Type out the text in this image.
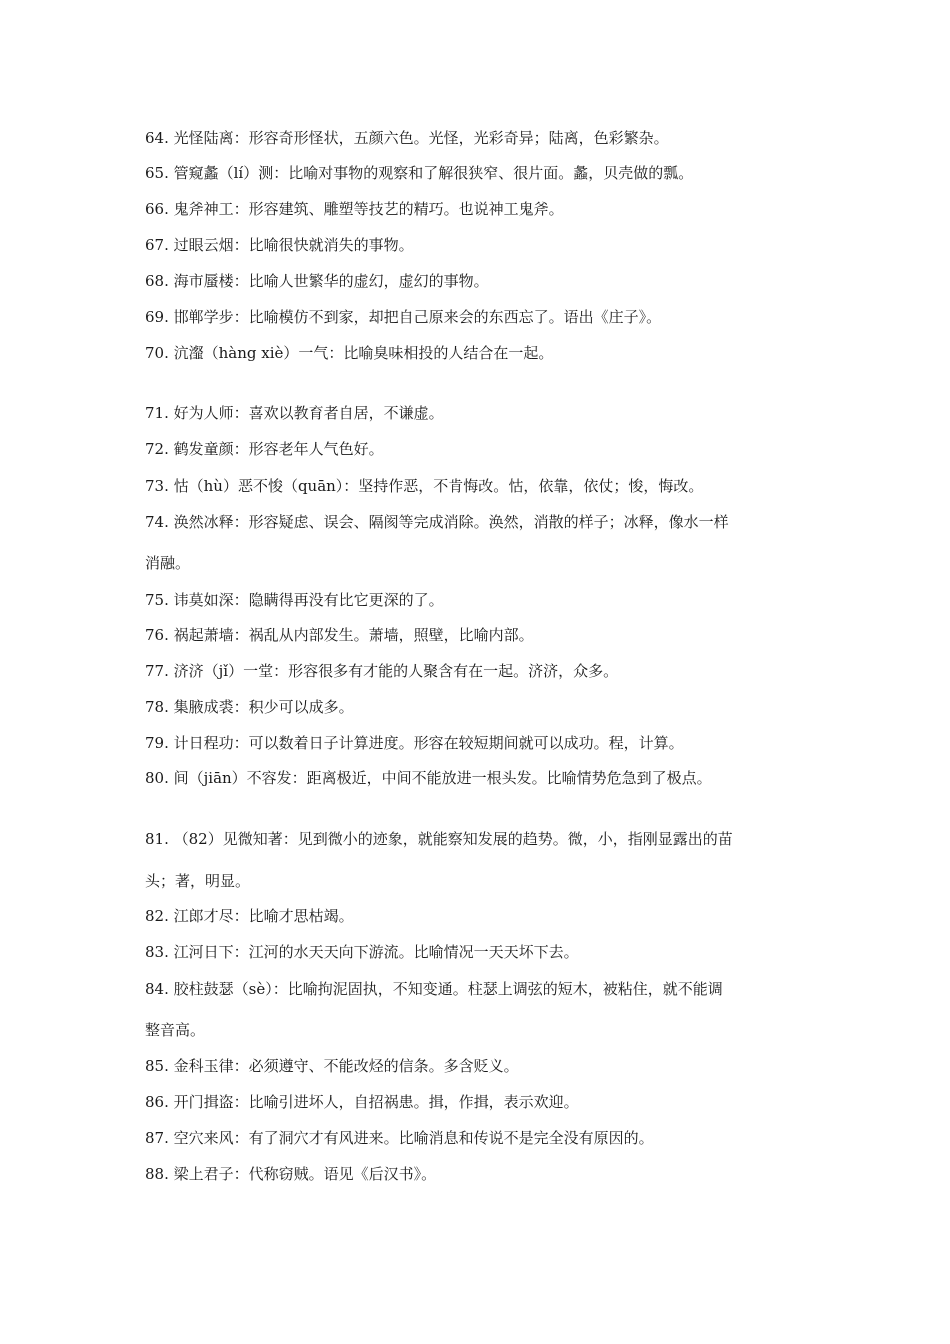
64. 光怪陆离：形容奇形怪状，五颜六色。光怪，光彩奇异；陆离，色彩繁杂。
65. 管窥蠡（lí）测：比喻对事物的观察和了解很狭窄、很片面。蠡，贝壳做的瓢。
66. 鬼斧神工：形容建筑、雕塑等技艺的精巧。也说神工鬼斧。
67. 过眼云烟：比喻很快就消失的事物。
68. 海市蜃楼：比喻人世繁华的虚幻，虚幻的事物。
69. 邯郸学步：比喻模仿不到家，却把自己原来会的东西忘了。语出《庄子》。
70. 沆瀣（hàng xiè）一气：比喻臭味相投的人结合在一起。
71. 好为人师：喜欢以教育者自居，不谦虚。
72. 鹤发童颜：形容老年人气色好。
73. 怙（hù）恶不悛（quān）：坚持作恶，不肯悔改。怙，依靠，依仗；悛，悔改。
74. 涣然冰释：形容疑虑、误会、隔阂等完成消除。涣然，消散的样子；冰释，像水一样
消融。
75. 讳莫如深：隐瞒得再没有比它更深的了。
76. 祸起萧墙：祸乱从内部发生。萧墙，照壁，比喻内部。
77. 济济（jǐ）一堂：形容很多有才能的人聚含有在一起。济济，众多。
78. 集腋成裘：积少可以成多。
79. 计日程功：可以数着日子计算进度。形容在较短期间就可以成功。程，计算。
80. 间（jiān）不容发：距离极近，中间不能放进一根头发。比喻情势危急到了极点。
81. （82）见微知著：见到微小的迹象，就能察知发展的趋势。微，小，指刚显露出的苗
头；著，明显。
82. 江郎才尽：比喻才思枯竭。
83. 江河日下：江河的水天天向下游流。比喻情况一天天坏下去。
84. 胶柱鼓瑟（sè）：比喻拘泥固执，不知变通。柱瑟上调弦的短木，被粘住，就不能调
整音高。
85. 金科玉律：必须遵守、不能改烃的信条。多含贬义。
86. 开门揖盗：比喻引进坏人，自招祸患。揖，作揖，表示欢迎。
87. 空穴来风：有了洞穴才有风进来。比喻消息和传说不是完全没有原因的。
88. 梁上君子：代称窃贼。语见《后汉书》。
